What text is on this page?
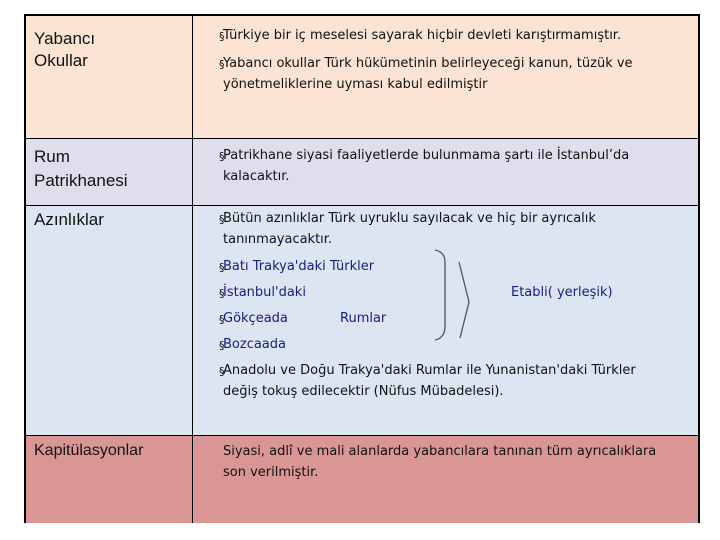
Yabancı
Okullar
§
Türkiye bir iç meselesi sayarak hiçbir devleti karıştırmamıştır.
§
Yabancı okullar Türk hükümetinin belirleyeceği kanun, tüzük ve yönetmeliklerine uyması kabul edilmiştir
Rum
Patrikhanesi
§
Patrikhane siyasi faaliyetlerde bulunmama şartı ile İstanbul’da kalacaktır.
Azınlıklar	§
Bütün azınlıklar Türk uyruklu sayılacak ve hiç bir ayrıcalık tanınmayacaktır.
§
Batı Trakya'daki Türkler
§
İstanbul'daki
§
Gökçeada
§
Bozcaada
§
Anadolu ve Doğu Trakya'daki Rumlar ile Yunanistan'daki Türkler değiş tokuş edilecektir (Nüfus Mübadelesi).
Rumlar
Etabli( yerleşik)
Kapitülasyonlar	Siyasi, adlî ve mali alanlarda yabancılara tanınan tüm ayrıcalıklara son verilmiştir.
